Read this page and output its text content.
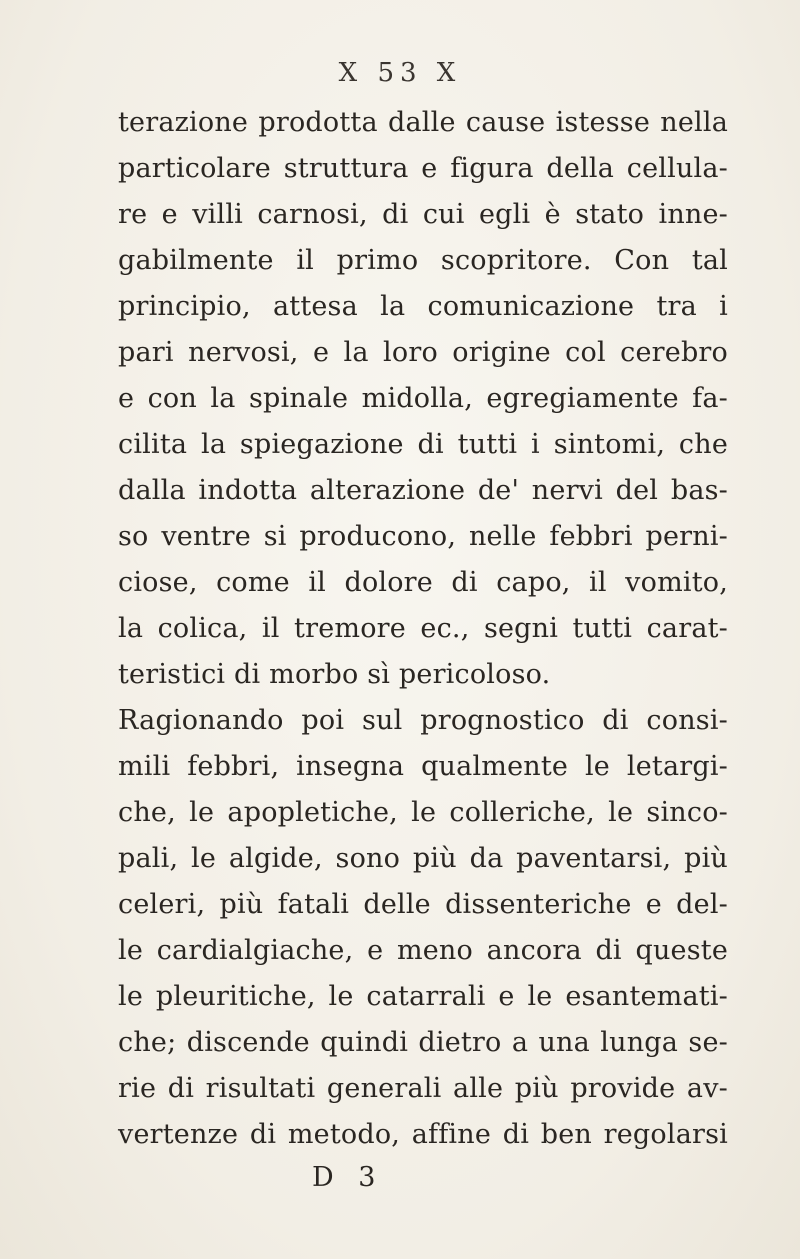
X 53 X
terazione prodotta dalle cause istesse nella
particolare struttura e figura della cellula-
re e villi carnosi, di cui egli è stato inne-
gabilmente il primo scopritore. Con tal
principio, attesa la comunicazione tra i
pari nervosi, e la loro origine col cerebro
e con la spinale midolla, egregiamente fa-
cilita la spiegazione di tutti i sintomi, che
dalla indotta alterazione de' nervi del bas-
so ventre si producono, nelle febbri perni-
ciose, come il dolore di capo, il vomito,
la colica, il tremore ec., segni tutti carat-
teristici di morbo sì pericoloso.
Ragionando poi sul prognostico di consi-
mili febbri, insegna qualmente le letargi-
che, le apopletiche, le colleriche, le sinco-
pali, le algide, sono più da paventarsi, più
celeri, più fatali delle dissenteriche e del-
le cardialgiache, e meno ancora di queste
le pleuritiche, le catarrali e le esantemati-
che; discende quindi dietro a una lunga se-
rie di risultati generali alle più provide av-
vertenze di metodo, affine di ben regolarsi
D 3
